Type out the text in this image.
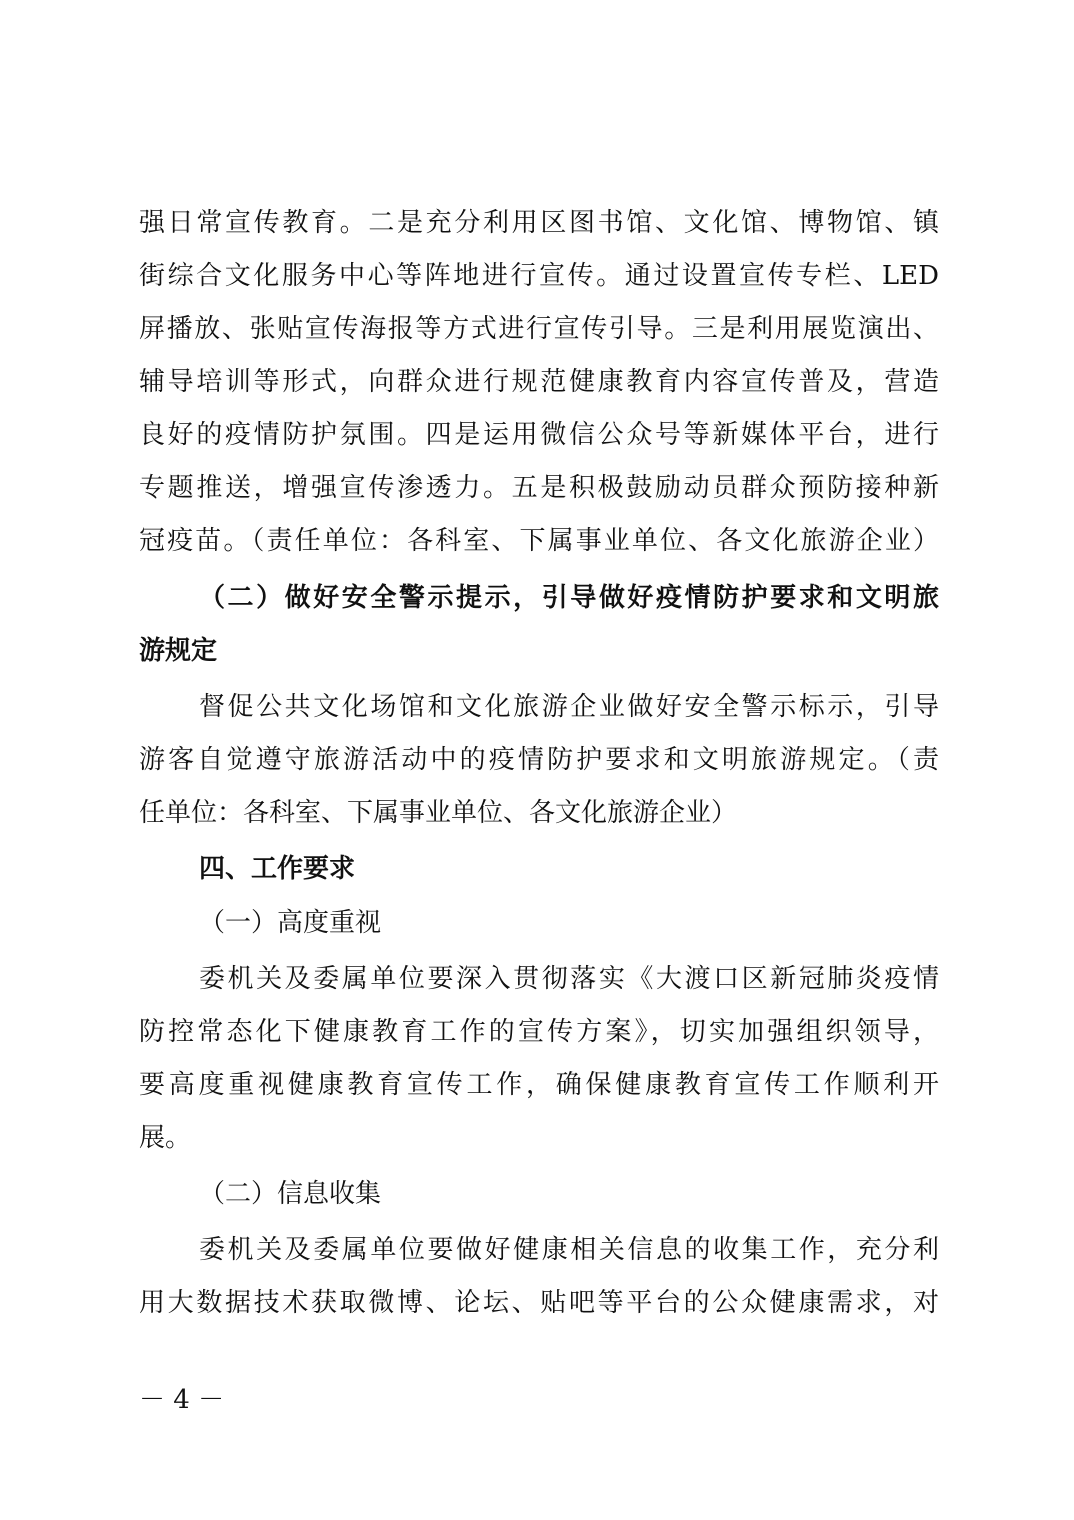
强日常宣传教育。二是充分利用区图书馆、文化馆、博物馆、镇
街综合文化服务中心等阵地进行宣传。通过设置宣传专栏、LED
屏播放、张贴宣传海报等方式进行宣传引导。三是利用展览演出、
辅导培训等形式，向群众进行规范健康教育内容宣传普及，营造
良好的疫情防护氛围。四是运用微信公众号等新媒体平台，进行
专题推送，增强宣传渗透力。五是积极鼓励动员群众预防接种新
冠疫苗。（责任单位：各科室、下属事业单位、各文化旅游企业）
（二）做好安全警示提示，引导做好疫情防护要求和文明旅
游规定
督促公共文化场馆和文化旅游企业做好安全警示标示，引导
游客自觉遵守旅游活动中的疫情防护要求和文明旅游规定。（责
任单位：各科室、下属事业单位、各文化旅游企业）
四、工作要求
（一）高度重视
委机关及委属单位要深入贯彻落实《大渡口区新冠肺炎疫情
防控常态化下健康教育工作的宣传方案》，切实加强组织领导，
要高度重视健康教育宣传工作，确保健康教育宣传工作顺利开
展。
（二）信息收集
委机关及委属单位要做好健康相关信息的收集工作，充分利
用大数据技术获取微博、论坛、贴吧等平台的公众健康需求，对
－ 4 －
